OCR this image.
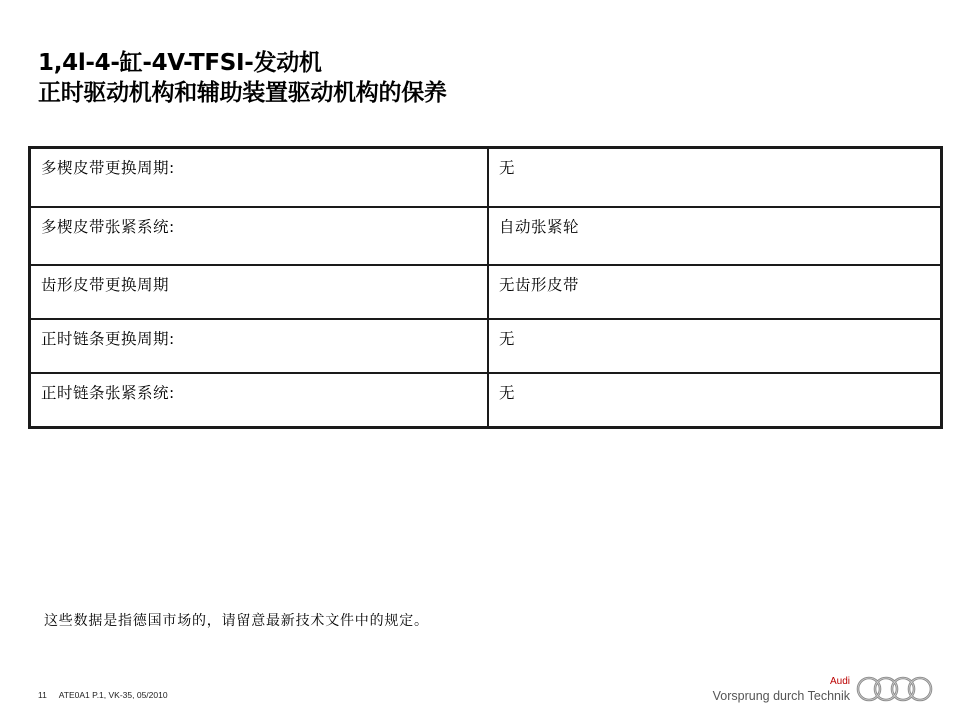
1,4l-4-缸-4V-TFSI-发动机
正时驱动机构和辅助装置驱动机构的保养
多楔皮带更换周期:	无
多楔皮带张紧系统:	自动张紧轮
齿形皮带更换周期	无齿形皮带
正时链条更换周期:	无
正时链条张紧系统:	无
这些数据是指德国市场的，请留意最新技术文件中的规定。
11 ATE0A1 P.1, VK-35, 05/2010
Audi
Vorsprung durch Technik
